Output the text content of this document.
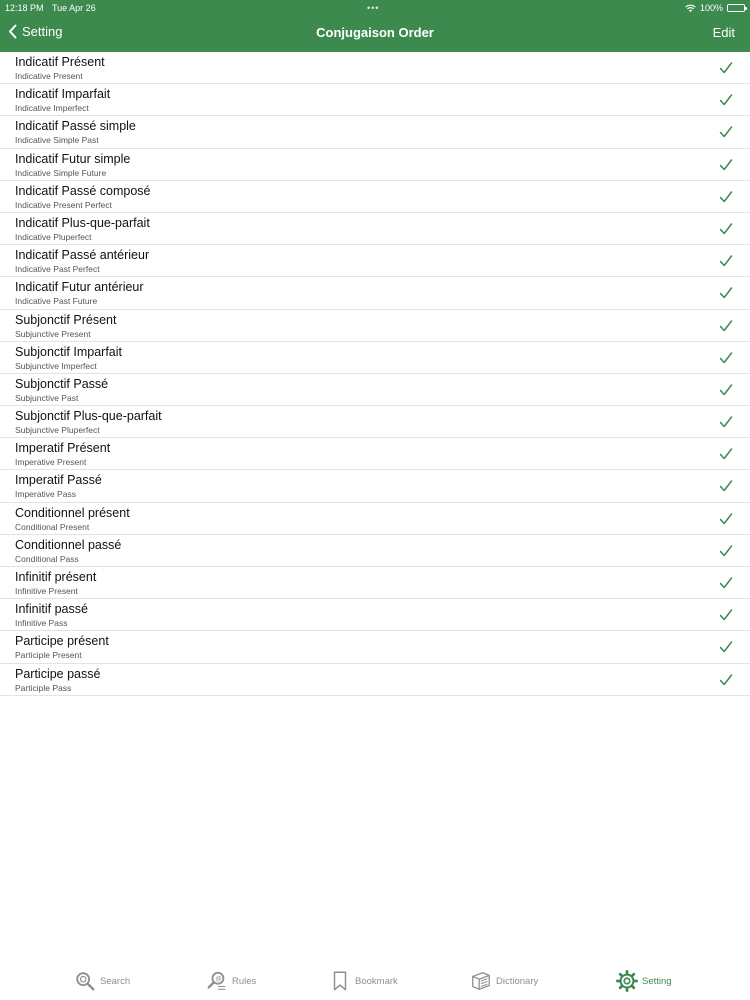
12:18 PM Tue Apr 26	•••	100%
Setting	Conjugaison Order	Edit
Indicatif Présent
Indicative Present
Indicatif Imparfait
Indicative Imperfect
Indicatif Passé simple
Indicative Simple Past
Indicatif Futur simple
Indicative Simple Future
Indicatif Passé composé
Indicative Present Perfect
Indicatif Plus-que-parfait
Indicative Pluperfect
Indicatif Passé antérieur
Indicative Past Perfect
Indicatif Futur antérieur
Indicative Past Future
Subjonctif Présent
Subjunctive Present
Subjonctif Imparfait
Subjunctive Imperfect
Subjonctif Passé
Subjunctive Past
Subjonctif Plus-que-parfait
Subjunctive Pluperfect
Imperatif Présent
Imperative Present
Imperatif Passé
Imperative Pass
Conditionnel présent
Conditional Present
Conditionnel passé
Conditional Pass
Infinitif présent
Infinitive Present
Infinitif passé
Infinitive Pass
Participe présent
Participle Present
Participe passé
Participle Pass
Search	@ Rules	Bookmark	Dictionary	Setting
